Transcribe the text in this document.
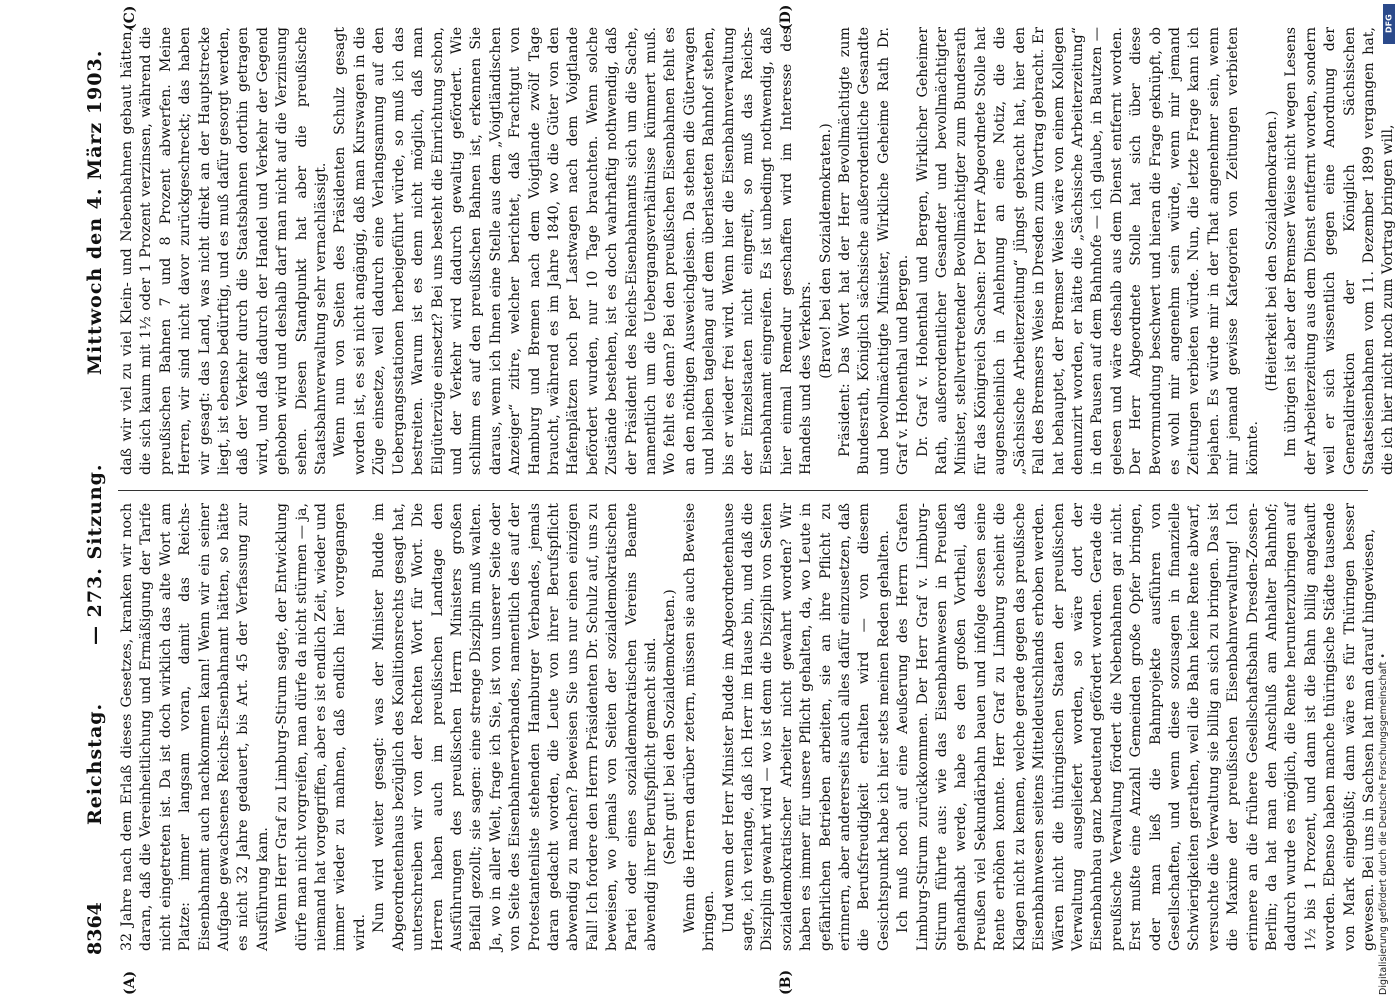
8364
Reichstag.
— 273. Sitzung.
Mittwoch den 4. März 1903.
(A)	(B)
(C)	(D)

32 Jahre nach dem Erlaß dieses Gesetzes, kranken wir noch daran, daß die Vereinheitlichung und Ermäßigung der Tarife nicht eingetreten ist. Da ist doch wirklich das alte Wort am Platze: immer langsam voran, damit das Reichs-Eisenbahnamt auch nachkommen kann! Wenn wir ein seiner Aufgabe gewachsenes Reichs-Eisenbahnamt hätten, so hätte es nicht 32 Jahre gedauert, bis Art. 45 der Verfassung zur Ausführung kam. Wenn Herr Graf zu Limburg-Stirum sagte, der Entwicklung dürfe man nicht vorgreifen, man dürfe da nicht stürmen — ja, niemand hat vorgegriffen, aber es ist endlich Zeit, wieder und immer wieder zu mahnen, daß endlich hier vorgegangen wird. Nun wird weiter gesagt: was der Minister Budde im Abgeordnetenhaus bezüglich des Koalitionsrechts gesagt hat, unterschreiben wir von der Rechten Wort für Wort. Die Herren haben auch im preußischen Landtage den Ausführungen des preußischen Herrn Ministers großen Beifall gezollt; sie sagen: eine strenge Disziplin muß walten. Ja, wo in aller Welt, frage ich Sie, ist von unserer Seite oder von Seite des Eisenbahnerverbandes, namentlich des auf der Protestantenliste stehenden Hamburger Verbandes, jemals daran gedacht worden, die Leute von ihrer Berufspflicht abwendig zu machen? Beweisen Sie uns nur einen einzigen Fall! Ich fordere den Herrn Präsidenten Dr. Schulz auf, uns zu beweisen, wo jemals von Seiten der sozialdemokratischen Partei oder eines sozialdemokratischen Vereins Beamte abwendig ihrer Berufspflicht gemacht sind. (Sehr gut! bei den Sozialdemokraten.) Wenn die Herren darüber zetern, müssen sie auch Beweise bringen. Und wenn der Herr Minister Budde im Abgeordnetenhause sagte, ich verlange, daß ich Herr im Hause bin, und daß die Disziplin gewahrt wird — wo ist denn die Disziplin von Seiten sozialdemokratischer Arbeiter nicht gewahrt worden? Wir haben es immer für unsere Pflicht gehalten, da, wo Leute in gefährlichen Betrieben arbeiten, sie an ihre Pflicht zu erinnern, aber andererseits auch alles dafür einzusetzen, daß die Berufsfreudigkeit erhalten wird — von diesem Gesichtspunkt habe ich hier stets meinen Reden gehalten. Ich muß noch auf eine Aeußerung des Herrn Grafen Limburg-Stirum zurückkommen. Der Herr Graf v. Limburg-Stirum führte aus: wie das Eisenbahnwesen in Preußen gehandhabt werde, habe es den großen Vortheil, daß Preußen viel Sekundärbahn bauen und infolge dessen seine Rente erhöhen konnte. Herr Graf zu Limburg scheint die Klagen nicht zu kennen, welche gerade gegen das preußische Eisenbahnwesen seitens Mitteldeutschlands erhoben werden. Wären nicht die thüringischen Staaten der preußischen Verwaltung ausgeliefert worden, so wäre dort der Eisenbahnbau ganz bedeutend gefördert worden. Gerade die preußische Verwaltung fördert die Nebenbahnen gar nicht. Erst mußte eine Anzahl Gemeinden große Opfer bringen, oder man ließ die Bahnprojekte ausführen von Gesellschaften, und wenn diese sozusagen in finanzielle Schwierigkeiten gerathen, weil die Bahn keine Rente abwarf, versuchte die Verwaltung sie billig an sich zu bringen. Das ist die Maxime der preußischen Eisenbahnverwaltung! Ich erinnere an die frühere Gesellschaftsbahn Dresden-Zossen-Berlin; da hat man den Anschluß am Anhalter Bahnhof; dadurch wurde es möglich, die Rente herunterzubringen auf 1½ bis 1 Prozent, und dann ist die Bahn billig angekauft worden. Ebenso haben manche thüringische Städte tausende von Mark eingebüßt; dann wäre es für Thüringen besser gewesen. Bei uns in Sachsen hat man darauf hingewiesen,

daß wir viel zu viel Klein- und Nebenbahnen gebaut hätten, die sich kaum mit 1½ oder 1 Prozent verzinsen, während die preußischen Bahnen 7 und 8 Prozent abwerfen. Meine Herren, wir sind nicht davor zurückgeschreckt; das haben wir gesagt: das Land, was nicht direkt an der Hauptstrecke liegt, ist ebenso bedürftig, und es muß dafür gesorgt werden, daß der Verkehr durch die Staatsbahnen dorthin getragen wird, und daß dadurch der Handel und Verkehr der Gegend gehoben wird und deshalb darf man nicht auf die Verzinsung sehen. Diesen Standpunkt hat aber die preußische Staatsbahnverwaltung sehr vernachlässigt. Wenn nun von Seiten des Präsidenten Schulz gesagt worden ist, es sei nicht angängig, daß man Kurswagen in die Züge einsetze, weil dadurch eine Verlangsamung auf den Uebergangsstationen herbeigeführt würde, so muß ich das bestreiten. Warum ist es denn nicht möglich, daß man Eilgüterzüge einsetzt? Bei uns besteht die Einrichtung schon, und der Verkehr wird dadurch gewaltig gefördert. Wie schlimm es auf den preußischen Bahnen ist, erkennen Sie daraus, wenn ich Ihnen eine Stelle aus dem „Voigtländischen Anzeiger“ zitire, welcher berichtet, daß Frachtgut von Hamburg und Bremen nach dem Voigtlande zwölf Tage braucht, während es im Jahre 1840, wo die Güter von den Hafenplätzen noch per Lastwagen nach dem Voigtlande befördert wurden, nur 10 Tage brauchten. Wenn solche Zustände bestehen, ist es doch wahrhaftig nothwendig, daß der Präsident des Reichs-Eisenbahnamts sich um die Sache, namentlich um die Uebergangsverhältnisse kümmert muß. Wo fehlt es denn? Bei den preußischen Eisenbahnen fehlt es an den nöthigen Ausweichgleisen. Da stehen die Güterwagen und bleiben tagelang auf dem überlasteten Bahnhof stehen, bis er wieder frei wird. Wenn hier die Eisenbahnverwaltung der Einzelstaaten nicht eingreift, so muß das Reichs-Eisenbahnamt eingreifen. Es ist unbedingt nothwendig, daß hier einmal Remedur geschaffen wird im Interesse des Handels und des Verkehrs. (Bravo! bei den Sozialdemokraten.) Präsident: Das Wort hat der Herr Bevollmächtigte zum Bundesrath, Königlich sächsische außerordentliche Gesandte und bevollmächtigte Minister, Wirkliche Geheime Rath Dr. Graf v. Hohenthal und Bergen. Dr. Graf v. Hohenthal und Bergen, Wirklicher Geheimer Rath, außerordentlicher Gesandter und bevollmächtigter Minister, stellvertretender Bevollmächtigter zum Bundesrath für das Königreich Sachsen: Der Herr Abgeordnete Stolle hat augenscheinlich in Anlehnung an eine Notiz, die die „Sächsische Arbeiterzeitung“ jüngst gebracht hat, hier den Fall des Bremsers Weise in Dresden zum Vortrag gebracht. Er hat behauptet, der Bremser Weise wäre von einem Kollegen denunzirt worden, er hätte die „Sächsische Arbeiterzeitung“ in den Pausen auf dem Bahnhofe — ich glaube, in Bautzen — gelesen und wäre deshalb aus dem Dienst entfernt worden. Der Herr Abgeordnete Stolle hat sich über diese Bevormundung beschwert und hieran die Frage geknüpft, ob es wohl mir angenehm sein würde, wenn mir jemand Zeitungen verbieten würde. Nun, die letzte Frage kann ich bejahen. Es würde mir in der That angenehmer sein, wenn mir jemand gewisse Kategorien von Zeitungen verbieten könnte.

(Heiterkeit bei den Sozialdemokraten.) Im übrigen ist aber der Bremser Weise nicht wegen Lesens der Arbeiterzeitung aus dem Dienst entfernt worden, sondern weil er sich wissentlich gegen eine Anordnung der Generaldirektion der Königlich Sächsischen Staatseisenbahnen vom 11. Dezember 1899 vergangen hat, die ich hier nicht noch zum Vortrag bringen will,

DFG
Digitalisierung gefördert durch die Deutsche Forschungsgemeinschaft •
